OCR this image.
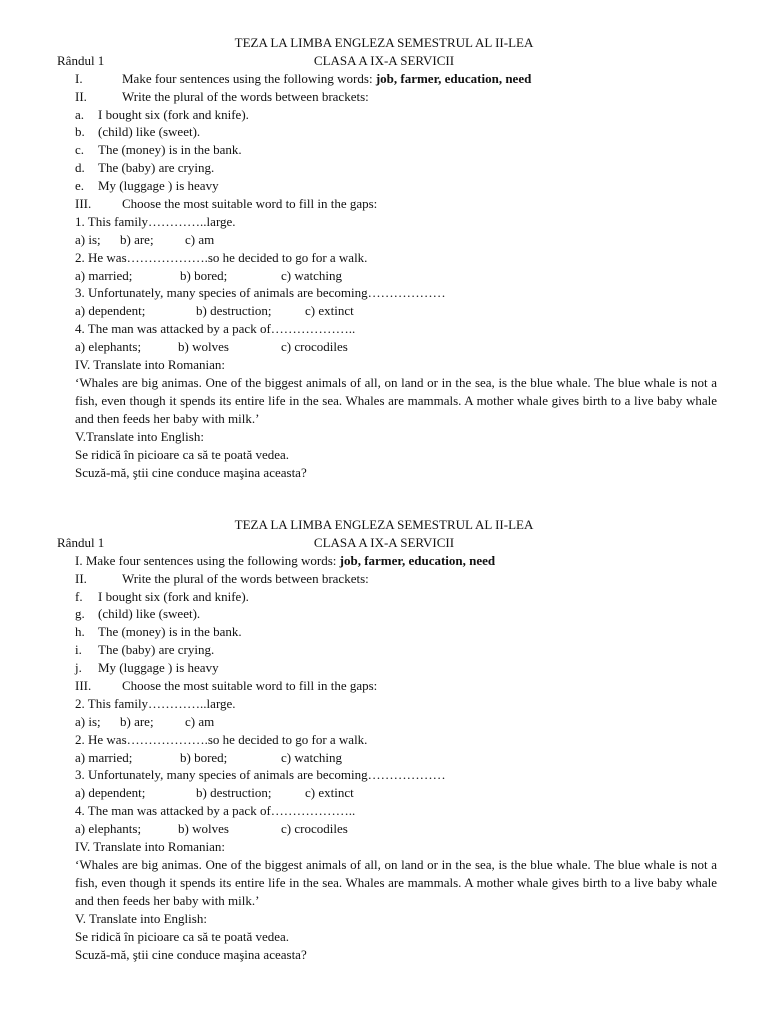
TEZA LA LIMBA ENGLEZA SEMESTRUL AL II-LEA
Rândul 1	CLASA A IX-A SERVICII
I.	Make four sentences using the following words: job, farmer, education, need
II.	Write the plural of the words between brackets:
a. I bought six (fork and knife).
b. (child) like (sweet).
c. The (money) is in the bank.
d. The (baby) are crying.
e. My (luggage ) is heavy
III. Choose the most suitable word to fill in the gaps:
1. This family…………..large.
a) is; b) are; c) am
2. He was……………….so he decided to go for a walk.
a) married;	b) bored;	c) watching
3. Unfortunately, many species of animals are becoming………………
a) dependent;	b) destruction;	c) extinct
4. The man was attacked by a pack of………………..
a) elephants;	b) wolves	c) crocodiles
IV. Translate into Romanian:
‘Whales are big animas. One of the biggest animals of all, on land or in the sea, is the blue whale. The blue whale is not a fish, even though it spends its entire life in the sea. Whales are mammals. A mother whale gives birth to a live baby whale and then feeds her baby with milk.’
V.Translate into English:
Se ridică în picioare ca să te poată vedea.
Scuză-mă, ştii cine conduce maşina aceasta?
TEZA LA LIMBA ENGLEZA SEMESTRUL AL II-LEA
Rândul 1	CLASA A IX-A SERVICII
I. Make four sentences using the following words: job, farmer, education, need
II.	Write the plural of the words between brackets:
f. I bought six (fork and knife).
g. (child) like (sweet).
h. The (money) is in the bank.
i. The (baby) are crying.
j. My (luggage ) is heavy
III. Choose the most suitable word to fill in the gaps:
2. This family…………..large.
a) is; b) are; c) am
2. He was……………….so he decided to go for a walk.
a) married;	b) bored;	c) watching
3. Unfortunately, many species of animals are becoming………………
a) dependent;	b) destruction;	c) extinct
4. The man was attacked by a pack of………………..
a) elephants;	b) wolves	c) crocodiles
IV. Translate into Romanian:
‘Whales are big animas. One of the biggest animals of all, on land or in the sea, is the blue whale. The blue whale is not a fish, even though it spends its entire life in the sea. Whales are mammals. A mother whale gives birth to a live baby whale and then feeds her baby with milk.’
V. Translate into English:
Se ridică în picioare ca să te poată vedea.
Scuză-mă, ştii cine conduce maşina aceasta?
